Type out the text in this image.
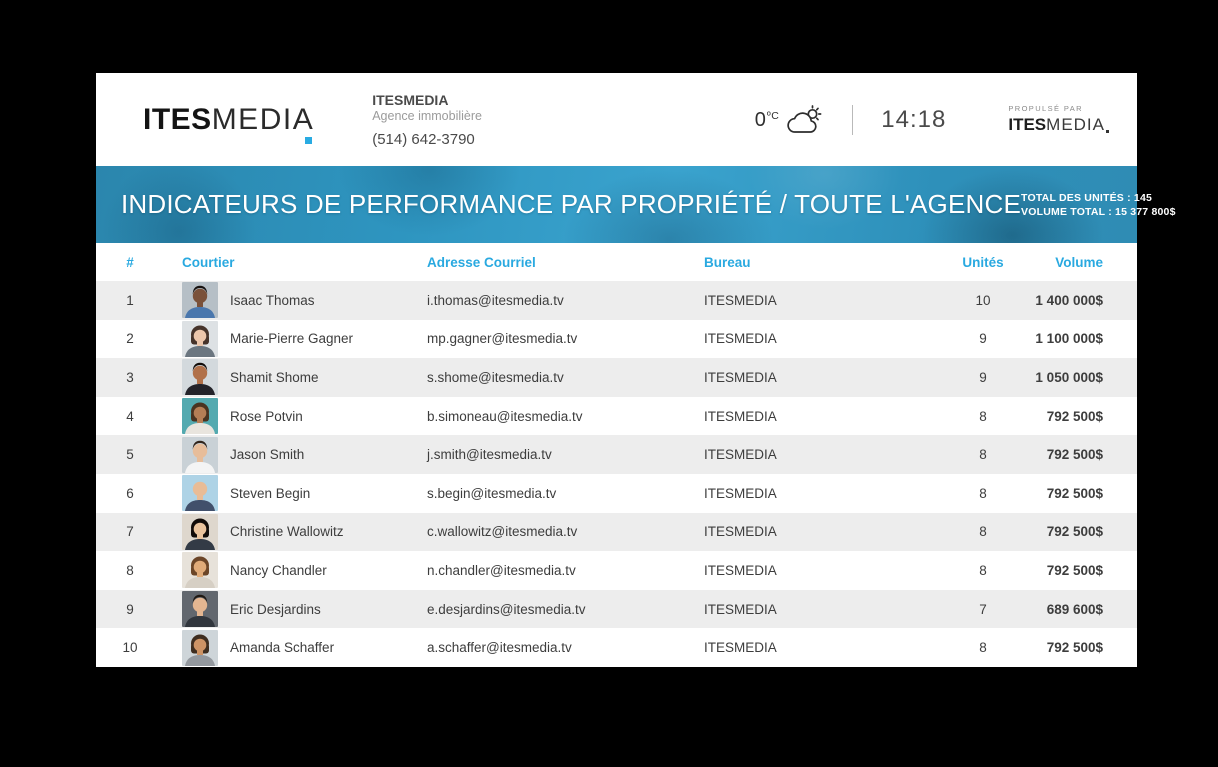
ITESMEDIA
ITESMEDIA
Agence immobilière
(514) 642-3790
$0^{ºC}$	14:18	PROPULSÉ PAR
ITESMEDIA
INDICATEURS DE PERFORMANCE PAR PROPRIÉTÉ / TOUTE L'AGENCE TOTAL DES UNITÉS : 145
VOLUME TOTAL : 15 377 800$
#	Courtier	Adresse Courriel	Bureau	Unités	Volume
1	Isaac Thomas	i.thomas@itesmedia.tv	ITESMEDIA	10	1 400 000$
2	Marie-Pierre Gagner	mp.gagner@itesmedia.tv	ITESMEDIA	9	1 100 000$
3	Shamit Shome	s.shome@itesmedia.tv	ITESMEDIA	9	1 050 000$
4	Rose Potvin	b.simoneau@itesmedia.tv	ITESMEDIA	8	792 500$
5	Jason Smith	j.smith@itesmedia.tv	ITESMEDIA	8	792 500$
6	Steven Begin	s.begin@itesmedia.tv	ITESMEDIA	8	792 500$
7	Christine Wallowitz	c.wallowitz@itesmedia.tv	ITESMEDIA	8	792 500$
8	Nancy Chandler	n.chandler@itesmedia.tv	ITESMEDIA	8	792 500$
9	Eric Desjardins	e.desjardins@itesmedia.tv	ITESMEDIA	7	689 600$
10	Amanda Schaffer	a.schaffer@itesmedia.tv	ITESMEDIA	8	792 500$
